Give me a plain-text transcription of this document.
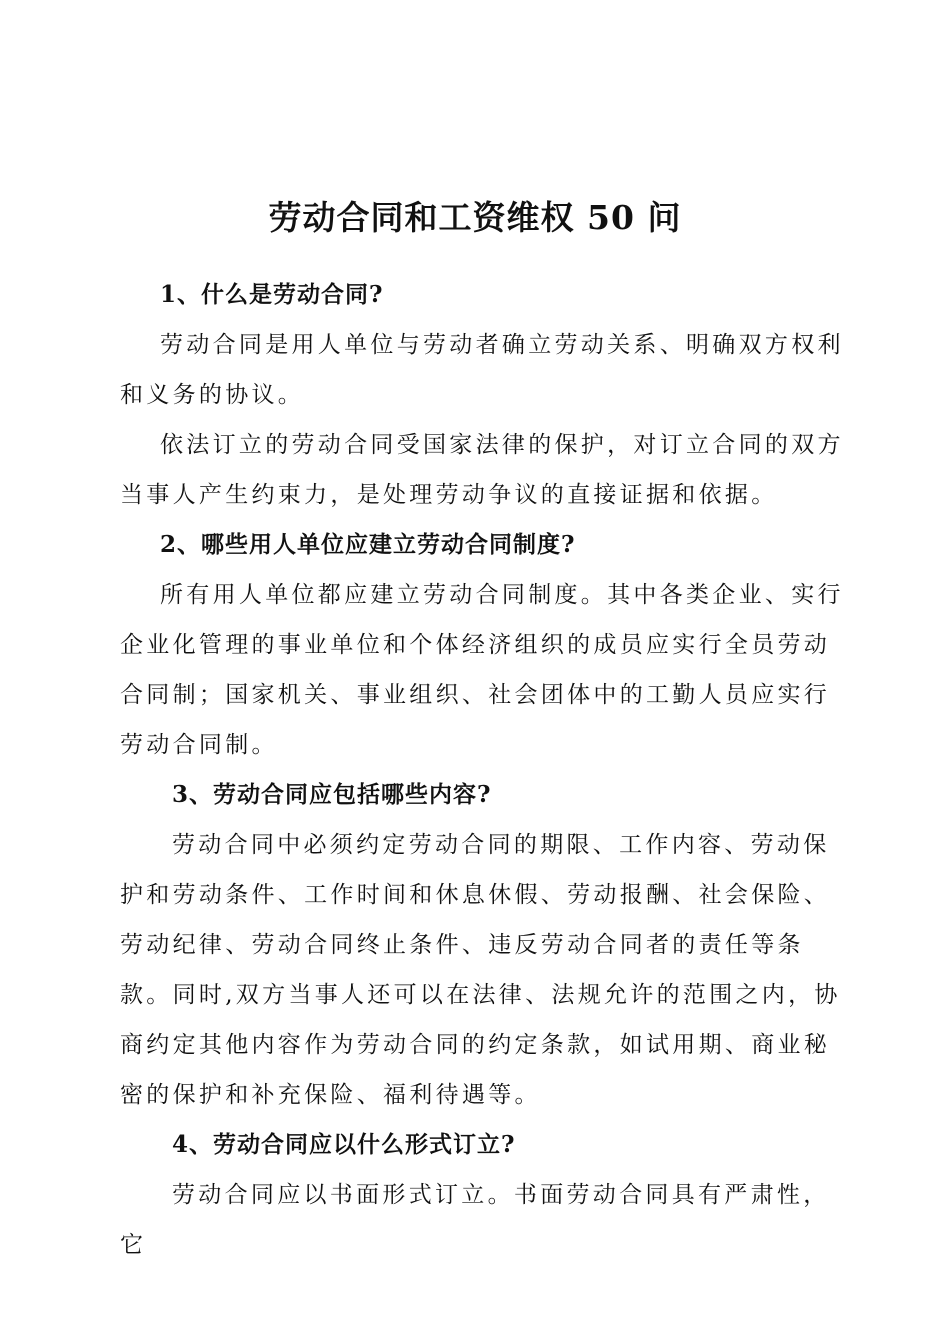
劳动合同和工资维权 50 问

1、什么是劳动合同?

劳动合同是用人单位与劳动者确立劳动关系、明确双方权利和义务的协议。

依法订立的劳动合同受国家法律的保护，对订立合同的双方当事人产生约束力，是处理劳动争议的直接证据和依据。

2、哪些用人单位应建立劳动合同制度?

所有用人单位都应建立劳动合同制度。其中各类企业、实行企业化管理的事业单位和个体经济组织的成员应实行全员劳动合同制；国家机关、事业组织、社会团体中的工勤人员应实行劳动合同制。

3、劳动合同应包括哪些内容?

劳动合同中必须约定劳动合同的期限、工作内容、劳动保护和劳动条件、工作时间和休息休假、劳动报酬、社会保险、劳动纪律、劳动合同终止条件、违反劳动合同者的责任等条款。同时,双方当事人还可以在法律、法规允许的范围之内，协商约定其他内容作为劳动合同的约定条款，如试用期、商业秘密的保护和补充保险、福利待遇等。

4、劳动合同应以什么形式订立?

劳动合同应以书面形式订立。书面劳动合同具有严肃性，它
